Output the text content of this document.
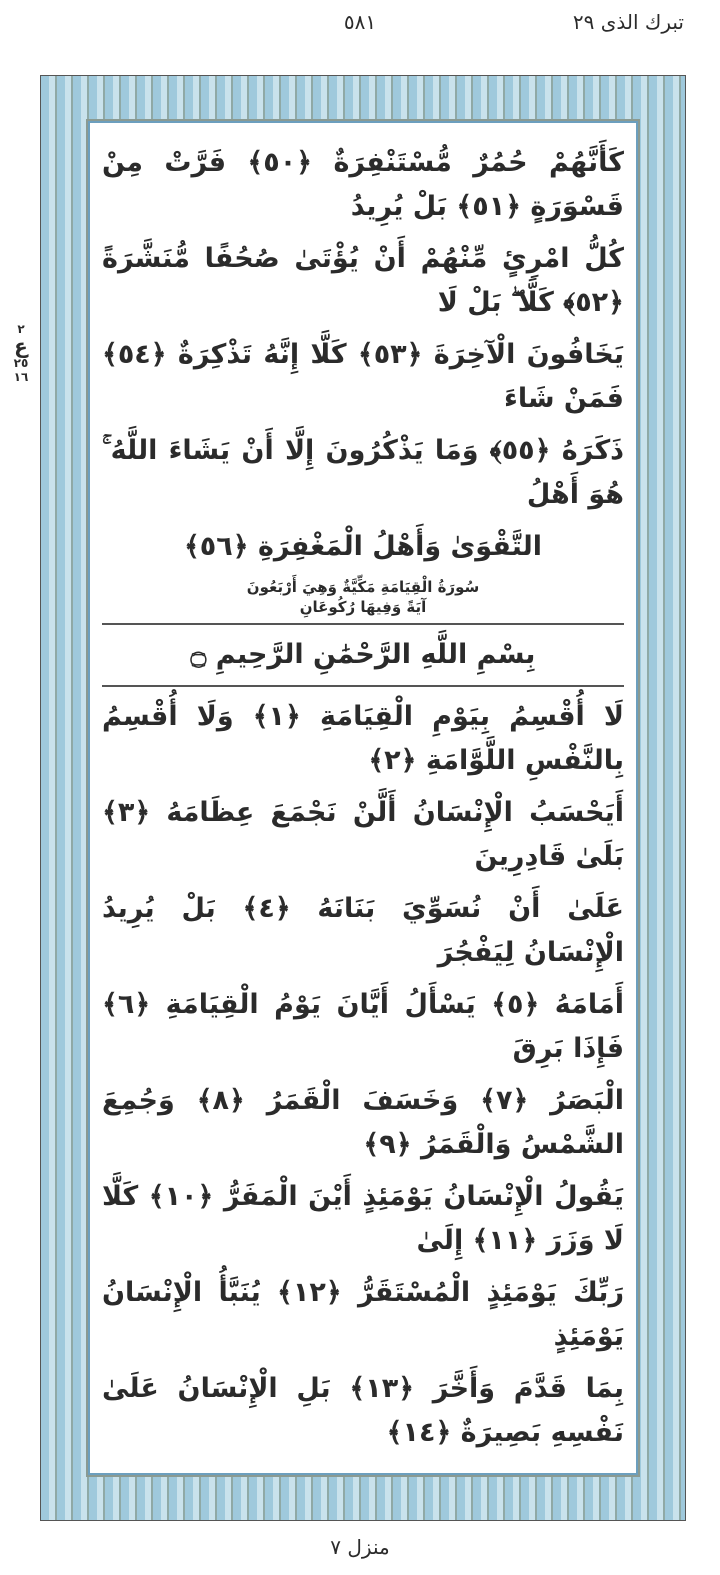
تبرك الذی ۲۹
٥٨١
٢
ع
٢٥
١٦
كَأَنَّهُمْ حُمُرٌ مُّسْتَنْفِرَةٌ ﴿٥٠﴾ فَرَّتْ مِنْ قَسْوَرَةٍ ﴿٥١﴾ بَلْ يُرِيدُ
كُلُّ امْرِئٍ مِّنْهُمْ أَنْ يُؤْتَىٰ صُحُفًا مُّنَشَّرَةً ﴿٥٢﴾ كَلَّا ۖ بَلْ لَا
يَخَافُونَ الْآخِرَةَ ﴿٥٣﴾ كَلَّا إِنَّهُ تَذْكِرَةٌ ﴿٥٤﴾ فَمَنْ شَاءَ
ذَكَرَهُ ﴿٥٥﴾ وَمَا يَذْكُرُونَ إِلَّا أَنْ يَشَاءَ اللَّهُ ۚ هُوَ أَهْلُ
التَّقْوَىٰ وَأَهْلُ الْمَغْفِرَةِ ﴿٥٦﴾
سُورَةُ الْقِيَامَةِ مَكِّيَّةٌ وَهِيَ أَرْبَعُونَ
آيَةً وَفِيهَا رُكُوعَانِ
بِسْمِ اللَّهِ الرَّحْمَٰنِ الرَّحِيمِ ۝
لَا أُقْسِمُ بِيَوْمِ الْقِيَامَةِ ﴿١﴾ وَلَا أُقْسِمُ بِالنَّفْسِ اللَّوَّامَةِ ﴿٢﴾
أَيَحْسَبُ الْإِنْسَانُ أَلَّنْ نَجْمَعَ عِظَامَهُ ﴿٣﴾ بَلَىٰ قَادِرِينَ
عَلَىٰ أَنْ نُسَوِّيَ بَنَانَهُ ﴿٤﴾ بَلْ يُرِيدُ الْإِنْسَانُ لِيَفْجُرَ
أَمَامَهُ ﴿٥﴾ يَسْأَلُ أَيَّانَ يَوْمُ الْقِيَامَةِ ﴿٦﴾ فَإِذَا بَرِقَ
الْبَصَرُ ﴿٧﴾ وَخَسَفَ الْقَمَرُ ﴿٨﴾ وَجُمِعَ الشَّمْسُ وَالْقَمَرُ ﴿٩﴾
يَقُولُ الْإِنْسَانُ يَوْمَئِذٍ أَيْنَ الْمَفَرُّ ﴿١٠﴾ كَلَّا لَا وَزَرَ ﴿١١﴾ إِلَىٰ
رَبِّكَ يَوْمَئِذٍ الْمُسْتَقَرُّ ﴿١٢﴾ يُنَبَّأُ الْإِنْسَانُ يَوْمَئِذٍ
بِمَا قَدَّمَ وَأَخَّرَ ﴿١٣﴾ بَلِ الْإِنْسَانُ عَلَىٰ نَفْسِهِ بَصِيرَةٌ ﴿١٤﴾
منزل ۷
